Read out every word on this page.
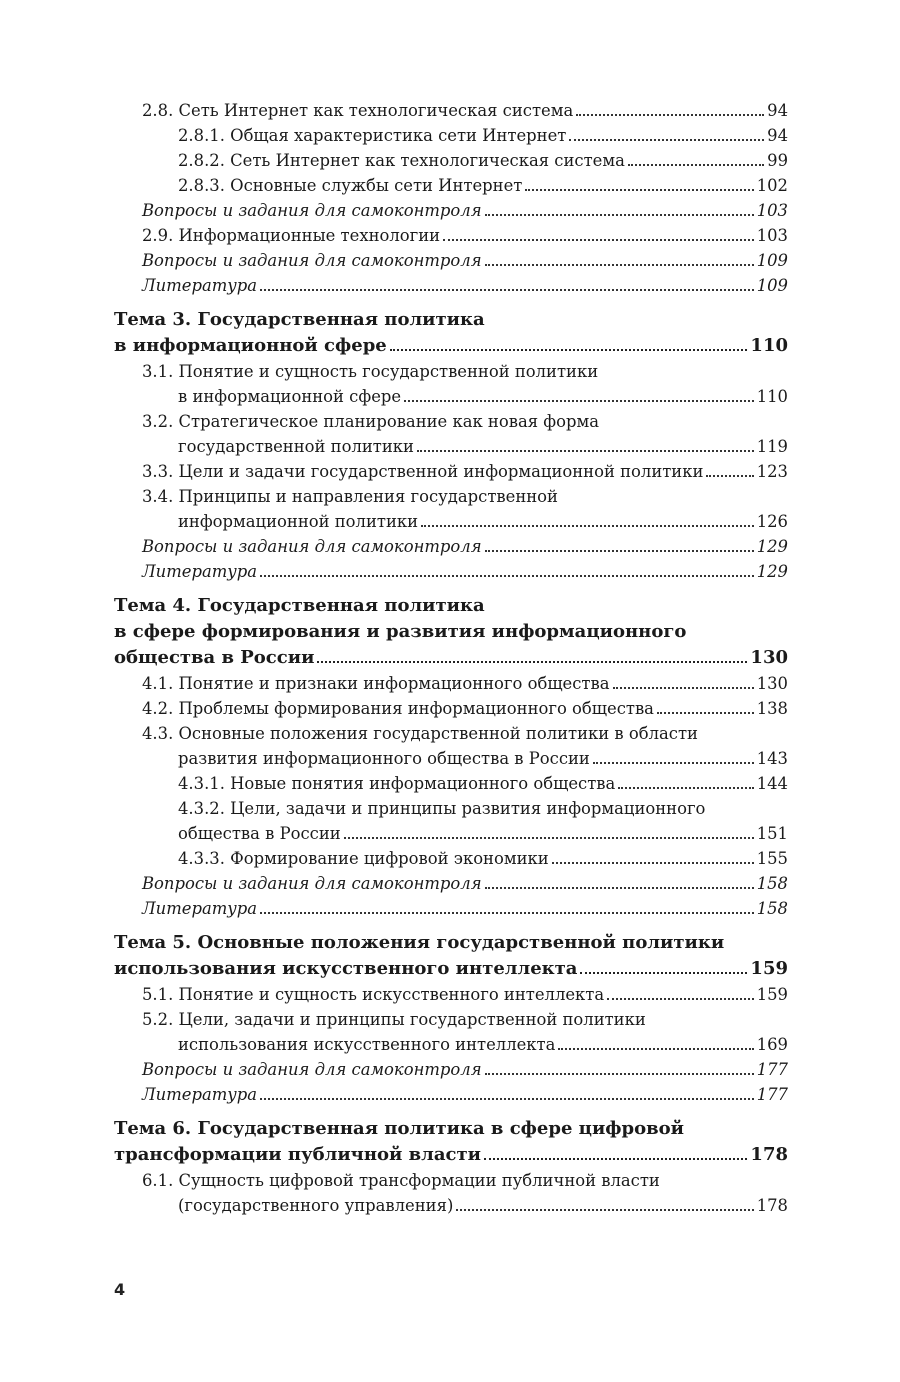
2.8. Сеть Интернет как технологическая система	94
2.8.1. Общая характеристика сети Интернет	94
2.8.2. Сеть Интернет как технологическая система	99
2.8.3. Основные службы сети Интернет	102
Вопросы и задания для самоконтроля	103
2.9. Информационные технологии	103
Вопросы и задания для самоконтроля	109
Литература	109
Тема 3. Государственная политика
в информационной сфере	110
3.1. Понятие и сущность государственной политики
в информационной сфере	110
3.2. Стратегическое планирование как новая форма
государственной политики	119
3.3. Цели и задачи государственной информационной политики	123
3.4. Принципы и направления государственной
информационной политики	126
Вопросы и задания для самоконтроля	129
Литература	129
Тема 4. Государственная политика
в сфере формирования и развития информационного
общества в России	130
4.1. Понятие и признаки информационного общества	130
4.2. Проблемы формирования информационного общества	138
4.3. Основные положения государственной политики в области
развития информационного общества в России	143
4.3.1. Новые понятия информационного общества	144
4.3.2. Цели, задачи и принципы развития информационного
общества в России	151
4.3.3. Формирование цифровой экономики	155
Вопросы и задания для самоконтроля	158
Литература	158
Тема 5. Основные положения государственной политики
использования искусственного интеллекта	159
5.1. Понятие и сущность искусственного интеллекта	159
5.2. Цели, задачи и принципы государственной политики
использования искусственного интеллекта	169
Вопросы и задания для самоконтроля	177
Литература	177
Тема 6. Государственная политика в сфере цифровой
трансформации публичной власти	178
6.1. Сущность цифровой трансформации публичной власти
(государственного управления)	178
4
